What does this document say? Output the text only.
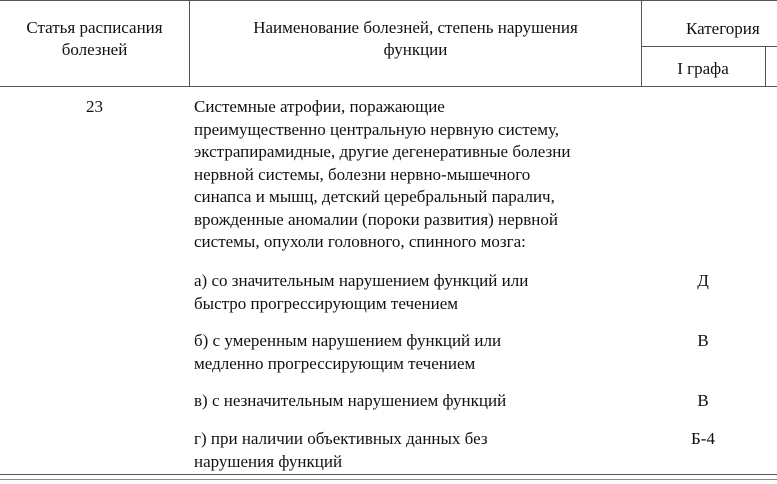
Статья расписания
болезней
Наименование болезней, степень нарушения
функции
Категория
I графа
23	Системные атрофии, поражающие
преимущественно центральную нервную систему,
экстрапирамидные, другие дегенеративные болезни
нервной системы, болезни нервно-мышечного
синапса и мышц, детский церебральный паралич,
врожденные аномалии (пороки развития) нервной
системы, опухоли головного, спинного мозга:
а) со значительным нарушением функций или
быстро прогрессирующим течением
Д
б) с умеренным нарушением функций или
медленно прогрессирующим течением
В
в) с незначительным нарушением функций	В
г) при наличии объективных данных без
нарушения функций
Б-4
